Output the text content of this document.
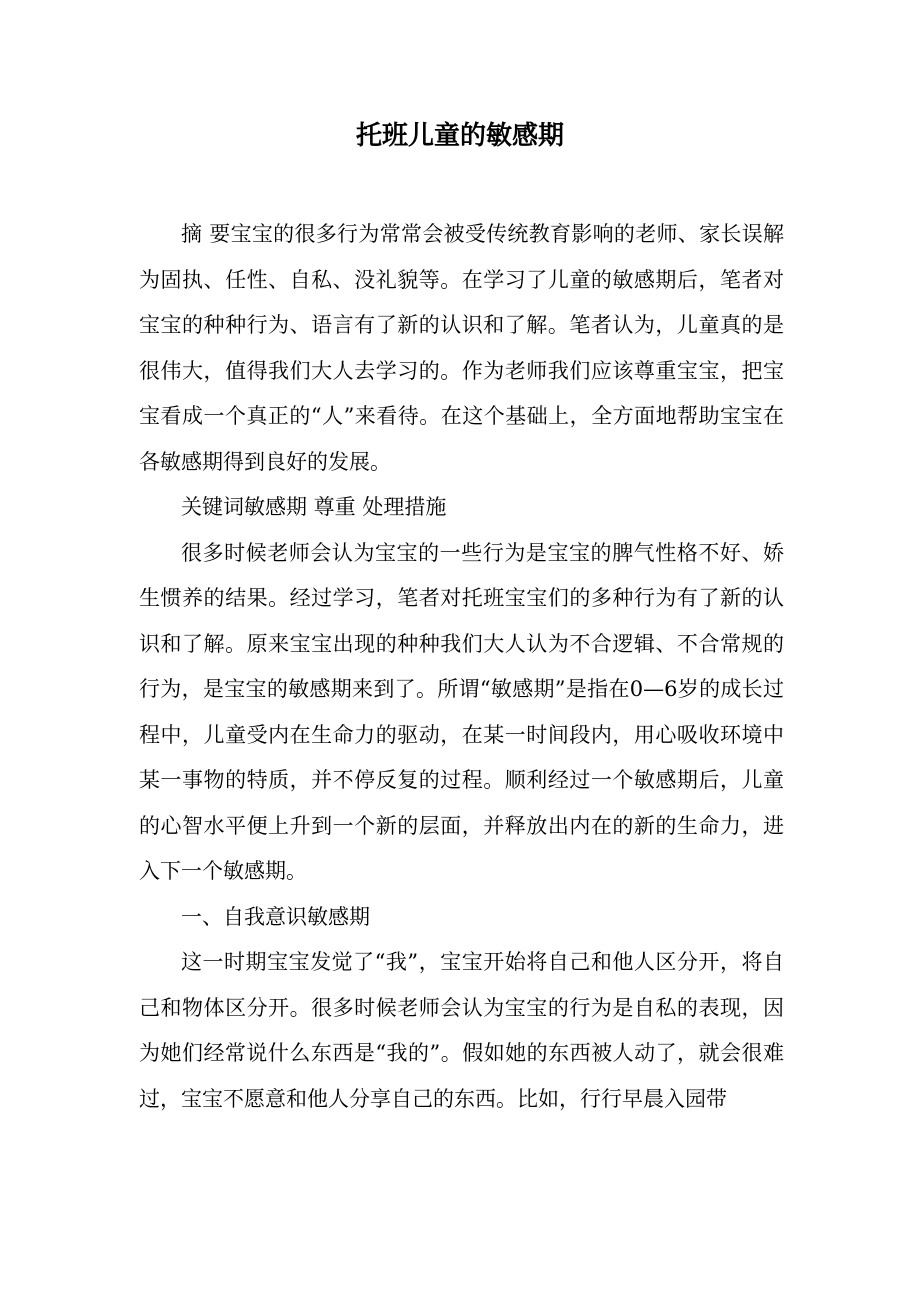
托班儿童的敏感期

摘 要宝宝的很多行为常常会被受传统教育影响的老师、家长误解为固执、任性、自私、没礼貌等。在学习了儿童的敏感期后，笔者对宝宝的种种行为、语言有了新的认识和了解。笔者认为，儿童真的是很伟大，值得我们大人去学习的。作为老师我们应该尊重宝宝，把宝宝看成一个真正的“人”来看待。在这个基础上，全方面地帮助宝宝在各敏感期得到良好的发展。

关键词敏感期 尊重 处理措施

很多时候老师会认为宝宝的一些行为是宝宝的脾气性格不好、娇生惯养的结果。经过学习，笔者对托班宝宝们的多种行为有了新的认识和了解。原来宝宝出现的种种我们大人认为不合逻辑、不合常规的行为，是宝宝的敏感期来到了。所谓“敏感期”是指在0—6岁的成长过程中，儿童受内在生命力的驱动，在某一时间段内，用心吸收环境中某一事物的特质，并不停反复的过程。顺利经过一个敏感期后，儿童的心智水平便上升到一个新的层面，并释放出内在的新的生命力，进入下一个敏感期。

一、自我意识敏感期

这一时期宝宝发觉了“我”，宝宝开始将自己和他人区分开，将自己和物体区分开。很多时候老师会认为宝宝的行为是自私的表现，因为她们经常说什么东西是“我的”。假如她的东西被人动了，就会很难过，宝宝不愿意和他人分享自己的东西。比如，行行早晨入园带
